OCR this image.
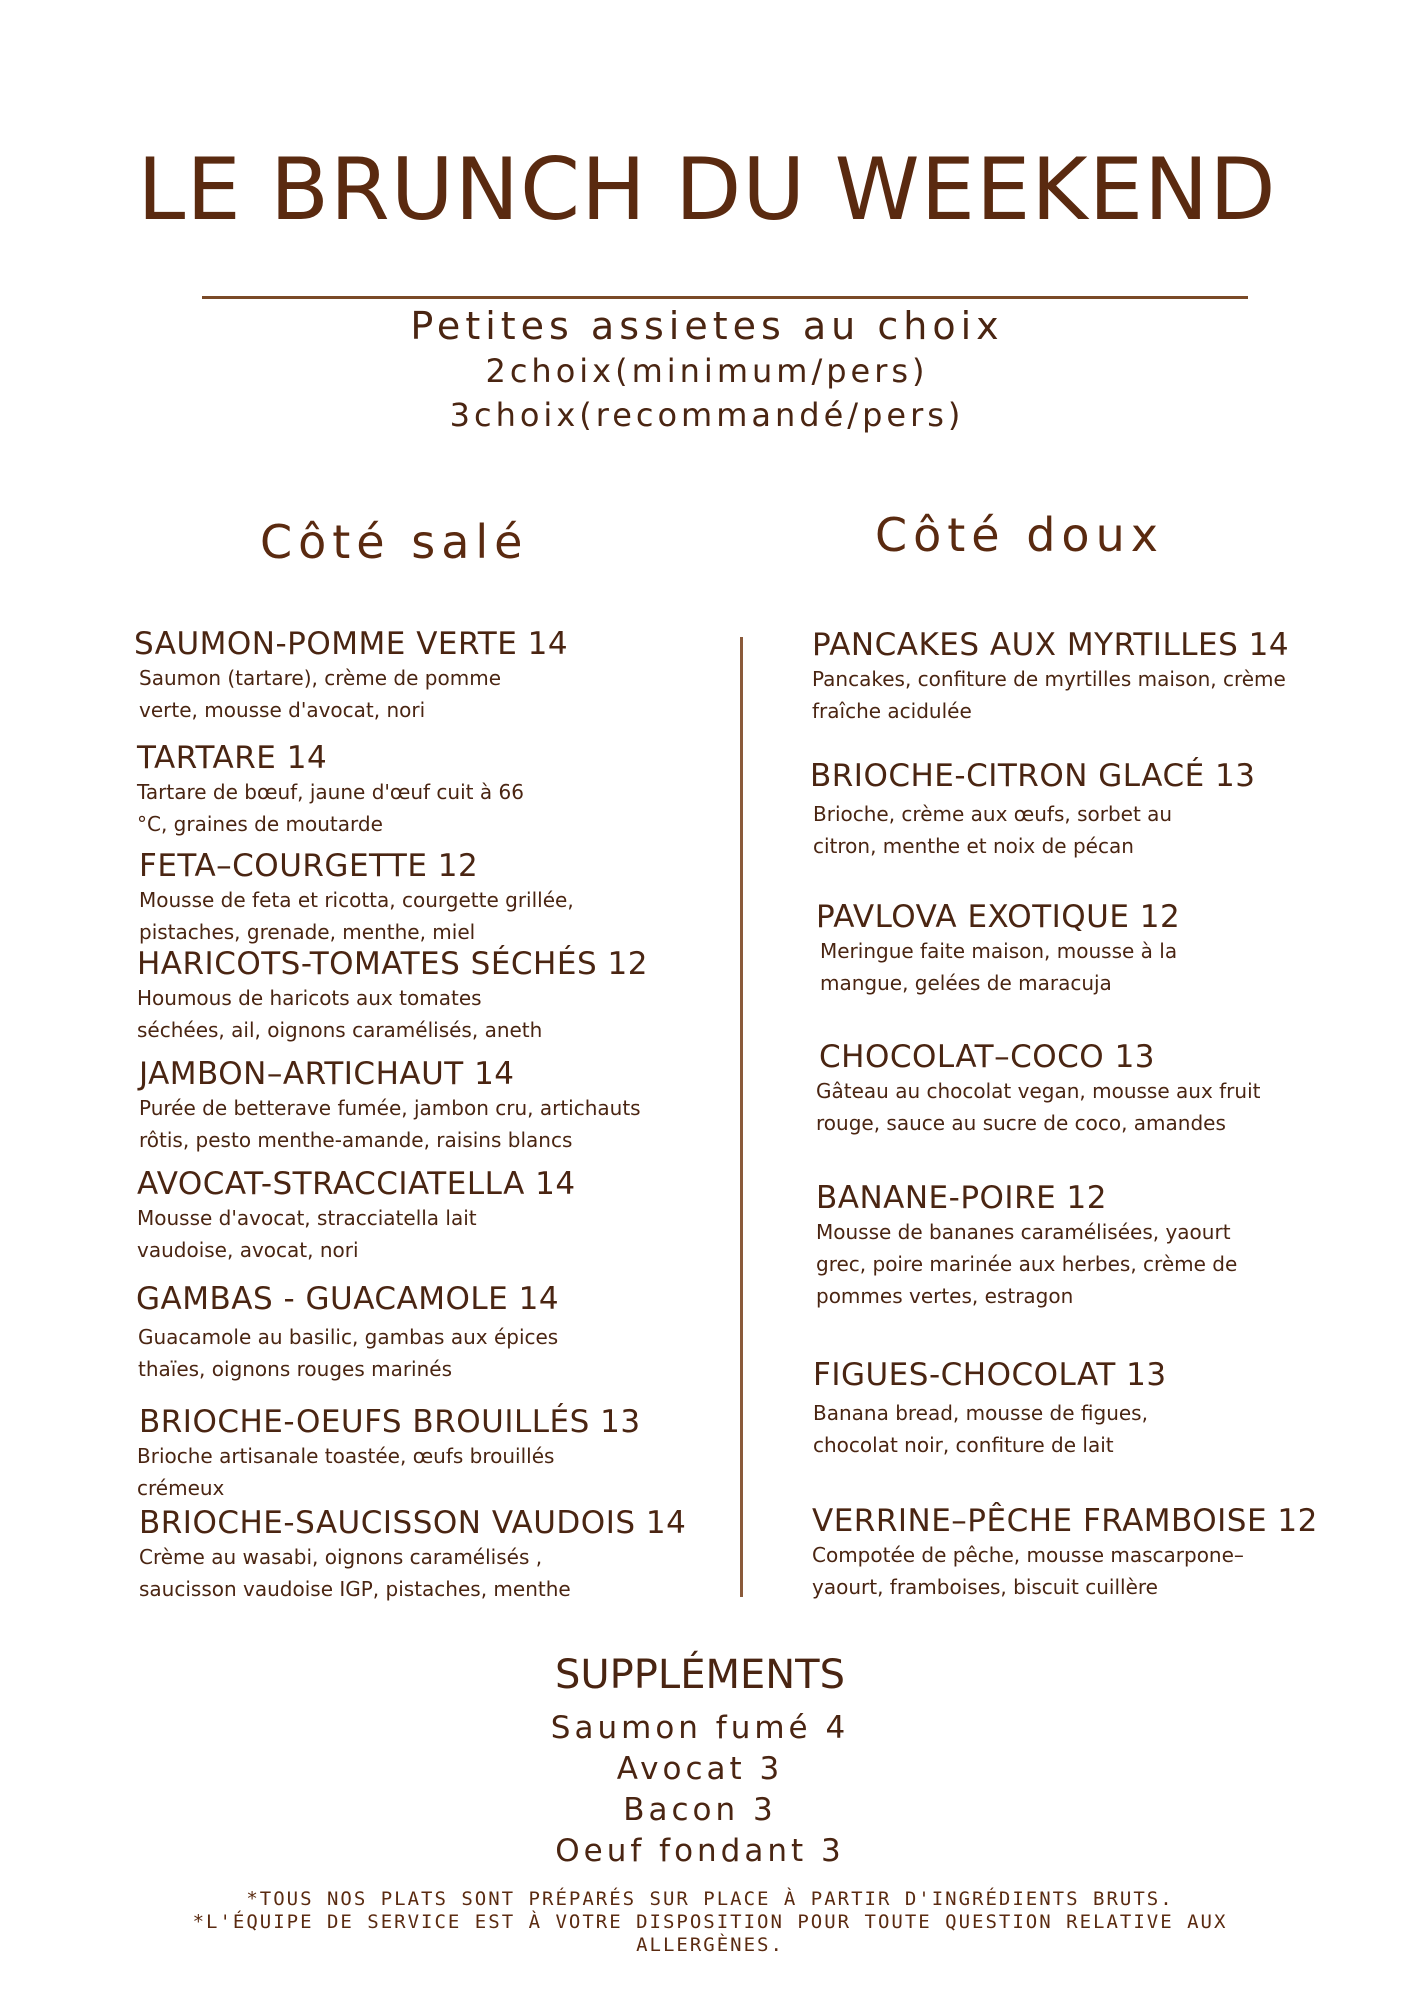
LE BRUNCH DU WEEKEND
Petites assietes au choix
2choix(minimum/pers)
3choix(recommandé/pers)
Côté salé	Côté doux
SAUMON-POMME VERTE 14
Saumon (tartare), crème de pomme
verte, mousse d'avocat, nori
TARTARE 14
Tartare de bœuf, jaune d'œuf cuit à 66
°C, graines de moutarde
FETA–COURGETTE 12
Mousse de feta et ricotta, courgette grillée,
pistaches, grenade, menthe, miel
HARICOTS-TOMATES SÉCHÉS 12
Houmous de haricots aux tomates
séchées, ail, oignons caramélisés, aneth
JAMBON–ARTICHAUT 14
Purée de betterave fumée, jambon cru, artichauts
rôtis, pesto menthe-amande, raisins blancs
AVOCAT-STRACCIATELLA 14
Mousse d'avocat, stracciatella lait
vaudoise, avocat, nori
GAMBAS - GUACAMOLE 14
Guacamole au basilic, gambas aux épices
thaïes, oignons rouges marinés
BRIOCHE-OEUFS BROUILLÉS 13
Brioche artisanale toastée, œufs brouillés
crémeux
BRIOCHE-SAUCISSON VAUDOIS 14
Crème au wasabi, oignons caramélisés ,
saucisson vaudoise IGP, pistaches, menthe
PANCAKES AUX MYRTILLES 14
Pancakes, confiture de myrtilles maison, crème
fraîche acidulée
BRIOCHE-CITRON GLACÉ 13
Brioche, crème aux œufs, sorbet au
citron, menthe et noix de pécan
PAVLOVA EXOTIQUE 12
Meringue faite maison, mousse à la
mangue, gelées de maracuja
CHOCOLAT–COCO 13
Gâteau au chocolat vegan, mousse aux fruit
rouge, sauce au sucre de coco, amandes
BANANE-POIRE 12
Mousse de bananes caramélisées, yaourt
grec, poire marinée aux herbes, crème de
pommes vertes, estragon
FIGUES-CHOCOLAT 13
Banana bread, mousse de figues,
chocolat noir, confiture de lait
VERRINE–PÊCHE FRAMBOISE 12
Compotée de pêche, mousse mascarpone–
yaourt, framboises, biscuit cuillère
SUPPLÉMENTS
Saumon fumé 4
Avocat 3
Bacon 3
Oeuf fondant 3
*TOUS NOS PLATS SONT PRÉPARÉS SUR PLACE À PARTIR D'INGRÉDIENTS BRUTS.
*L'ÉQUIPE DE SERVICE EST À VOTRE DISPOSITION POUR TOUTE QUESTION RELATIVE AUX ALLERGÈNES.
